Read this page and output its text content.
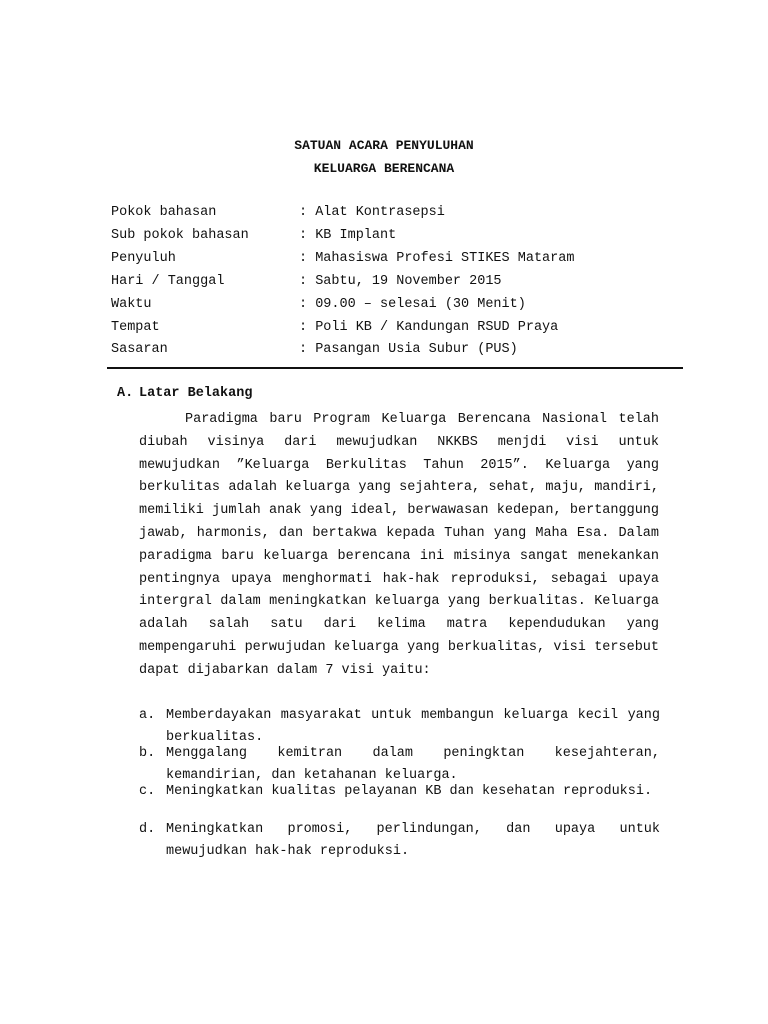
SATUAN ACARA PENYULUHAN
KELUARGA BERENCANA
Pokok bahasan	: Alat Kontrasepsi
Sub pokok bahasan	: KB Implant
Penyuluh	: Mahasiswa Profesi STIKES Mataram
Hari / Tanggal	: Sabtu, 19 November 2015
Waktu	: 09.00 – selesai (30 Menit)
Tempat	: Poli KB / Kandungan RSUD Praya
Sasaran	: Pasangan Usia Subur (PUS)
A. Latar Belakang

Paradigma baru Program Keluarga Berencana Nasional telah diubah visinya dari mewujudkan NKKBS menjdi visi untuk mewujudkan ”Keluarga Berkulitas Tahun 2015”. Keluarga yang berkulitas adalah keluarga yang sejahtera, sehat, maju, mandiri, memiliki jumlah anak yang ideal, berwawasan kedepan, bertanggung jawab, harmonis, dan bertakwa kepada Tuhan yang Maha Esa. Dalam paradigma baru keluarga berencana ini misinya sangat menekankan pentingnya upaya menghormati hak-hak reproduksi, sebagai upaya intergral dalam meningkatkan keluarga yang berkualitas. Keluarga adalah salah satu dari kelima matra kependudukan yang mempengaruhi perwujudan keluarga yang berkualitas, visi tersebut dapat dijabarkan dalam 7 visi yaitu:

a. Memberdayakan masyarakat untuk membangun keluarga kecil yang berkualitas.
b. Menggalang kemitran dalam peningktan kesejahteran, kemandirian, dan ketahanan keluarga.
c. Meningkatkan kualitas pelayanan KB dan kesehatan reproduksi.
d. Meningkatkan promosi, perlindungan, dan upaya untuk mewujudkan hak-hak reproduksi.
